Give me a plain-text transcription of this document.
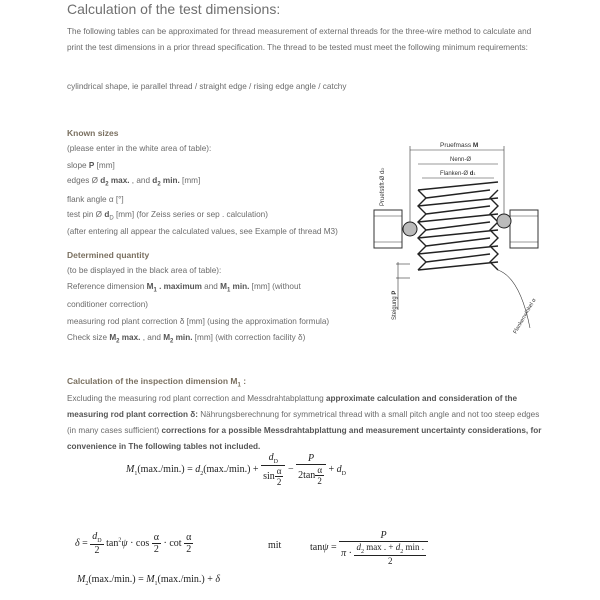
Calculation of the test dimensions:
The following tables can be approximated for thread measurement of external threads for the three-wire method to calculate and print the test dimensions in a prior thread specification. The thread to be tested must meet the following minimum requirements:
cylindrical shape, ie parallel thread / straight edge / rising edge angle / catchy
Known sizes
(please enter in the white area of table):
slope P [mm]
edges Ø $d_2$ max. , and $d_2$ min. [mm]
flank angle α [°]
test pin Ø $d_D$ [mm] (for Zeiss series or sep . calculation)
(after entering all appear the calculated values, see Example of thread M3)
Determined quantity
(to be displayed in the black area of table):
Reference dimension $M_1$ . maximum and $M_1$ min. [mm] (without
conditioner correction)
measuring rod plant correction δ [mm] (using the approximation formula)
Check size $M_2$ max. , and $M_2$ min. [mm] (with correction facility δ)
Pruefmass M
Nenn-Ø
Flanken-Ø d1
Pruefstift-Ø dD
Steigung P
Flankenwinkel α
Calculation of the inspection dimension $M_1$ :
Excluding the measuring rod plant correction and Messdrahtabplattung approximate calculation and consideration of the measuring rod plant correction δ: Nährungsberechnung for symmetrical thread with a small pitch angle and not too steep edges (in many cases sufficient) corrections for a possible Messdrahtabplattung and measurement uncertainty considerations, for convenience in The following tables not included.
$M_1(\max./\min.) = d_2(\max./\min.) + \frac{d_D}{\sin \frac{\alpha}{2}} - \frac{P}{2\tan \frac{\alpha}{2}} + d_D$
$\delta = \frac{d_D}{2} \tan^2\psi \cdot \cos \frac{\alpha}{2} \cdot \cot \frac{\alpha}{2}$	mit	$\tan\psi = \frac{P}{\pi \cdot \frac{d_2 \max . + d_2 \min .}{2}}$
$M_2(\max./\min.) = M_1(\max./\min.) + \delta$
